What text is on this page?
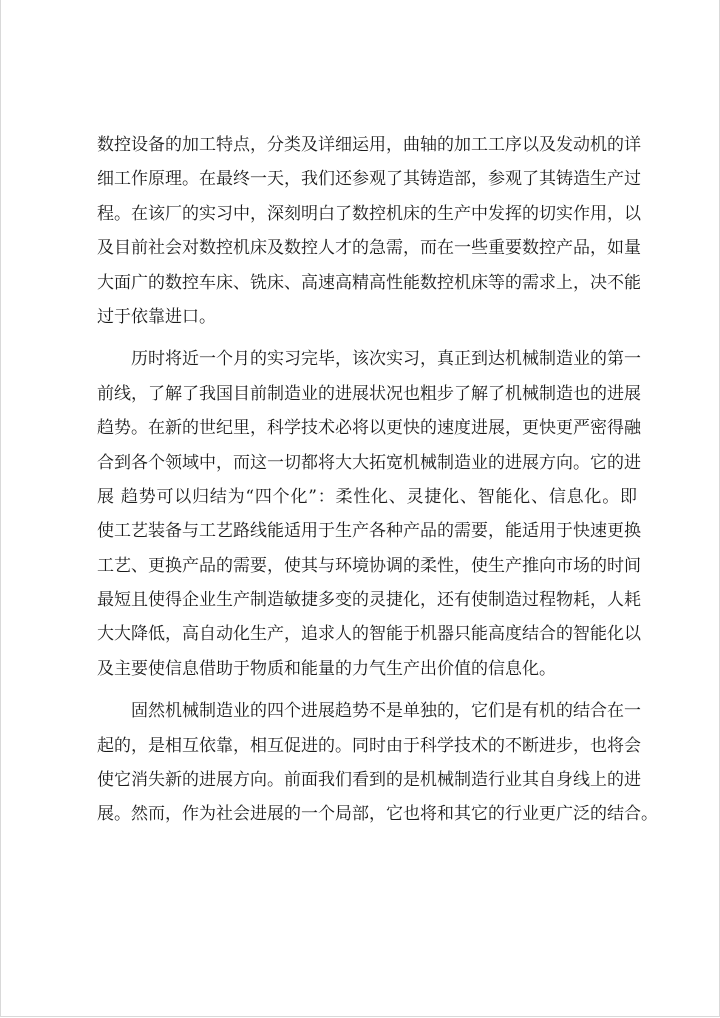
数控设备的加工特点，分类及详细运用，曲轴的加工工序以及发动机的详
细工作原理。在最终一天，我们还参观了其铸造部，参观了其铸造生产过
程。在该厂的实习中，深刻明白了数控机床的生产中发挥的切实作用，以
及目前社会对数控机床及数控人才的急需，而在一些重要数控产品，如量
大面广的数控车床、铣床、高速高精高性能数控机床等的需求上，决不能
过于依靠进口。
历时将近一个月的实习完毕，该次实习，真正到达机械制造业的第一
前线，了解了我国目前制造业的进展状况也粗步了解了机械制造也的进展
趋势。在新的世纪里，科学技术必将以更快的速度进展，更快更严密得融
合到各个领域中，而这一切都将大大拓宽机械制造业的进展方向。它的进
展 趋势可以归结为“四个化”：柔性化、灵捷化、智能化、信息化。即
使工艺装备与工艺路线能适用于生产各种产品的需要，能适用于快速更换
工艺、更换产品的需要，使其与环境协调的柔性，使生产推向市场的时间
最短且使得企业生产制造敏捷多变的灵捷化，还有使制造过程物耗，人耗
大大降低，高自动化生产，追求人的智能于机器只能高度结合的智能化以
及主要使信息借助于物质和能量的力气生产出价值的信息化。
固然机械制造业的四个进展趋势不是单独的，它们是有机的结合在一
起的，是相互依靠，相互促进的。同时由于科学技术的不断进步，也将会
使它消失新的进展方向。前面我们看到的是机械制造行业其自身线上的进
展。然而，作为社会进展的一个局部，它也将和其它的行业更广泛的结合。
